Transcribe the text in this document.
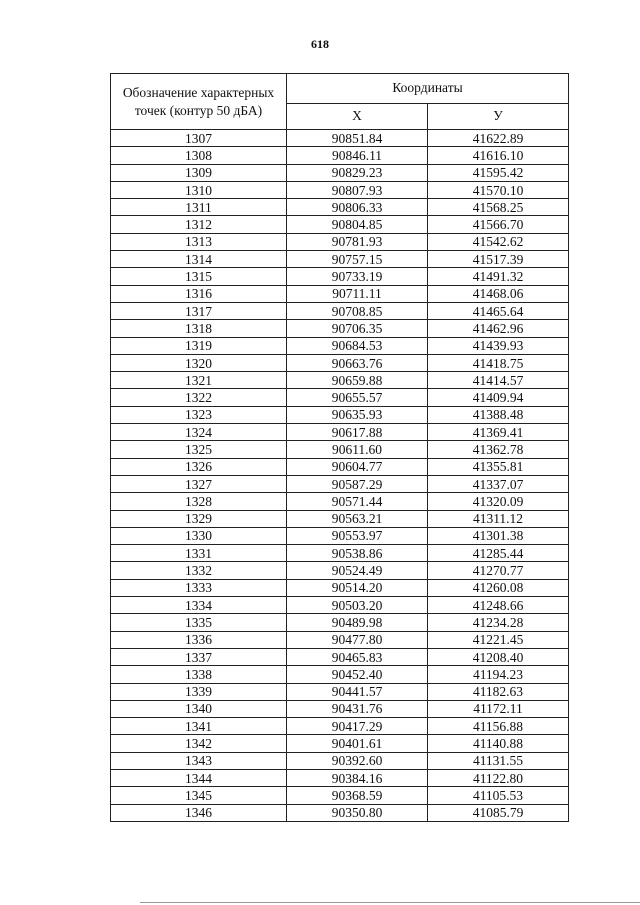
618
Обозначение характерных точек (контур 50 дБА)	Координаты	
	X	У
1307	90851.84	41622.89
1308	90846.11	41616.10
1309	90829.23	41595.42
1310	90807.93	41570.10
1311	90806.33	41568.25
1312	90804.85	41566.70
1313	90781.93	41542.62
1314	90757.15	41517.39
1315	90733.19	41491.32
1316	90711.11	41468.06
1317	90708.85	41465.64
1318	90706.35	41462.96
1319	90684.53	41439.93
1320	90663.76	41418.75
1321	90659.88	41414.57
1322	90655.57	41409.94
1323	90635.93	41388.48
1324	90617.88	41369.41
1325	90611.60	41362.78
1326	90604.77	41355.81
1327	90587.29	41337.07
1328	90571.44	41320.09
1329	90563.21	41311.12
1330	90553.97	41301.38
1331	90538.86	41285.44
1332	90524.49	41270.77
1333	90514.20	41260.08
1334	90503.20	41248.66
1335	90489.98	41234.28
1336	90477.80	41221.45
1337	90465.83	41208.40
1338	90452.40	41194.23
1339	90441.57	41182.63
1340	90431.76	41172.11
1341	90417.29	41156.88
1342	90401.61	41140.88
1343	90392.60	41131.55
1344	90384.16	41122.80
1345	90368.59	41105.53
1346	90350.80	41085.79
